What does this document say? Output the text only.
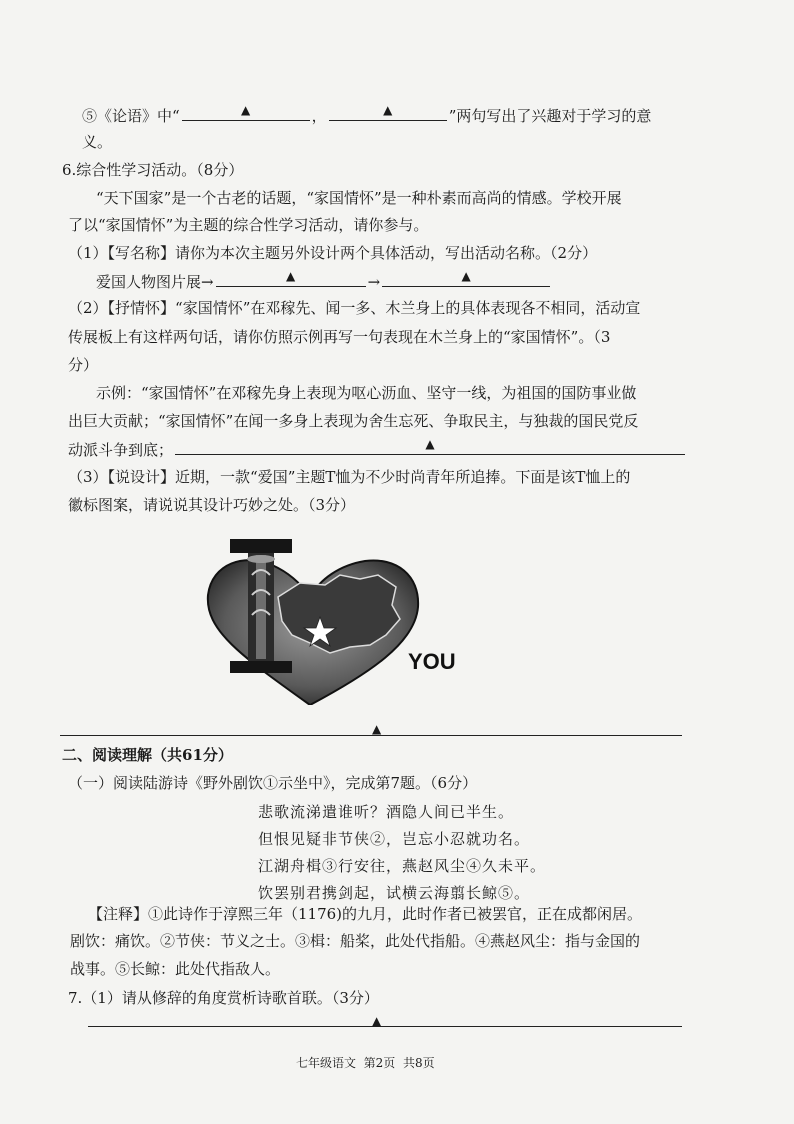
⑤《论语》中“	▲	，	▲	”两句写出了兴趣对于学习的意
义。
6.综合性学习活动。（8分）
“天下国家”是一个古老的话题，“家国情怀”是一种朴素而高尚的情感。学校开展
了以“家国情怀”为主题的综合性学习活动，请你参与。
（1）【写名称】请你为本次主题另外设计两个具体活动，写出活动名称。（2分）
爱国人物图片展→	▲	→	▲
（2）【抒情怀】“家国情怀”在邓稼先、闻一多、木兰身上的具体表现各不相同，活动宣
传展板上有这样两句话，请你仿照示例再写一句表现在木兰身上的“家国情怀”。（3
分）
示例：“家国情怀”在邓稼先身上表现为呕心沥血、坚守一线，为祖国的国防事业做
出巨大贡献；“家国情怀”在闻一多身上表现为舍生忘死、争取民主，与独裁的国民党反
动派斗争到底；	▲
（3）【说设计】近期，一款“爱国”主题T恤为不少时尚青年所追捧。下面是该T恤上的
徽标图案，请说说其设计巧妙之处。（3分）
YOU
▲
二、阅读理解（共61分）
（一）阅读陆游诗《野外剧饮①示坐中》，完成第7题。（6分）
悲歌流涕遣谁听？酒隐人间已半生。
但恨见疑非节侠②，岂忘小忍就功名。
江湖舟楫③行安往，燕赵风尘④久未平。
饮罢别君携剑起，试横云海翦长鲸⑤。
【注释】①此诗作于淳熙三年（1176)的九月，此时作者已被罢官，正在成都闲居。
剧饮：痛饮。②节侠：节义之士。③楫：船桨，此处代指船。④燕赵风尘：指与金国的
战事。⑤长鲸：此处代指敌人。
7.（1）请从修辞的角度赏析诗歌首联。（3分）
▲
七年级语文 第2页 共8页
